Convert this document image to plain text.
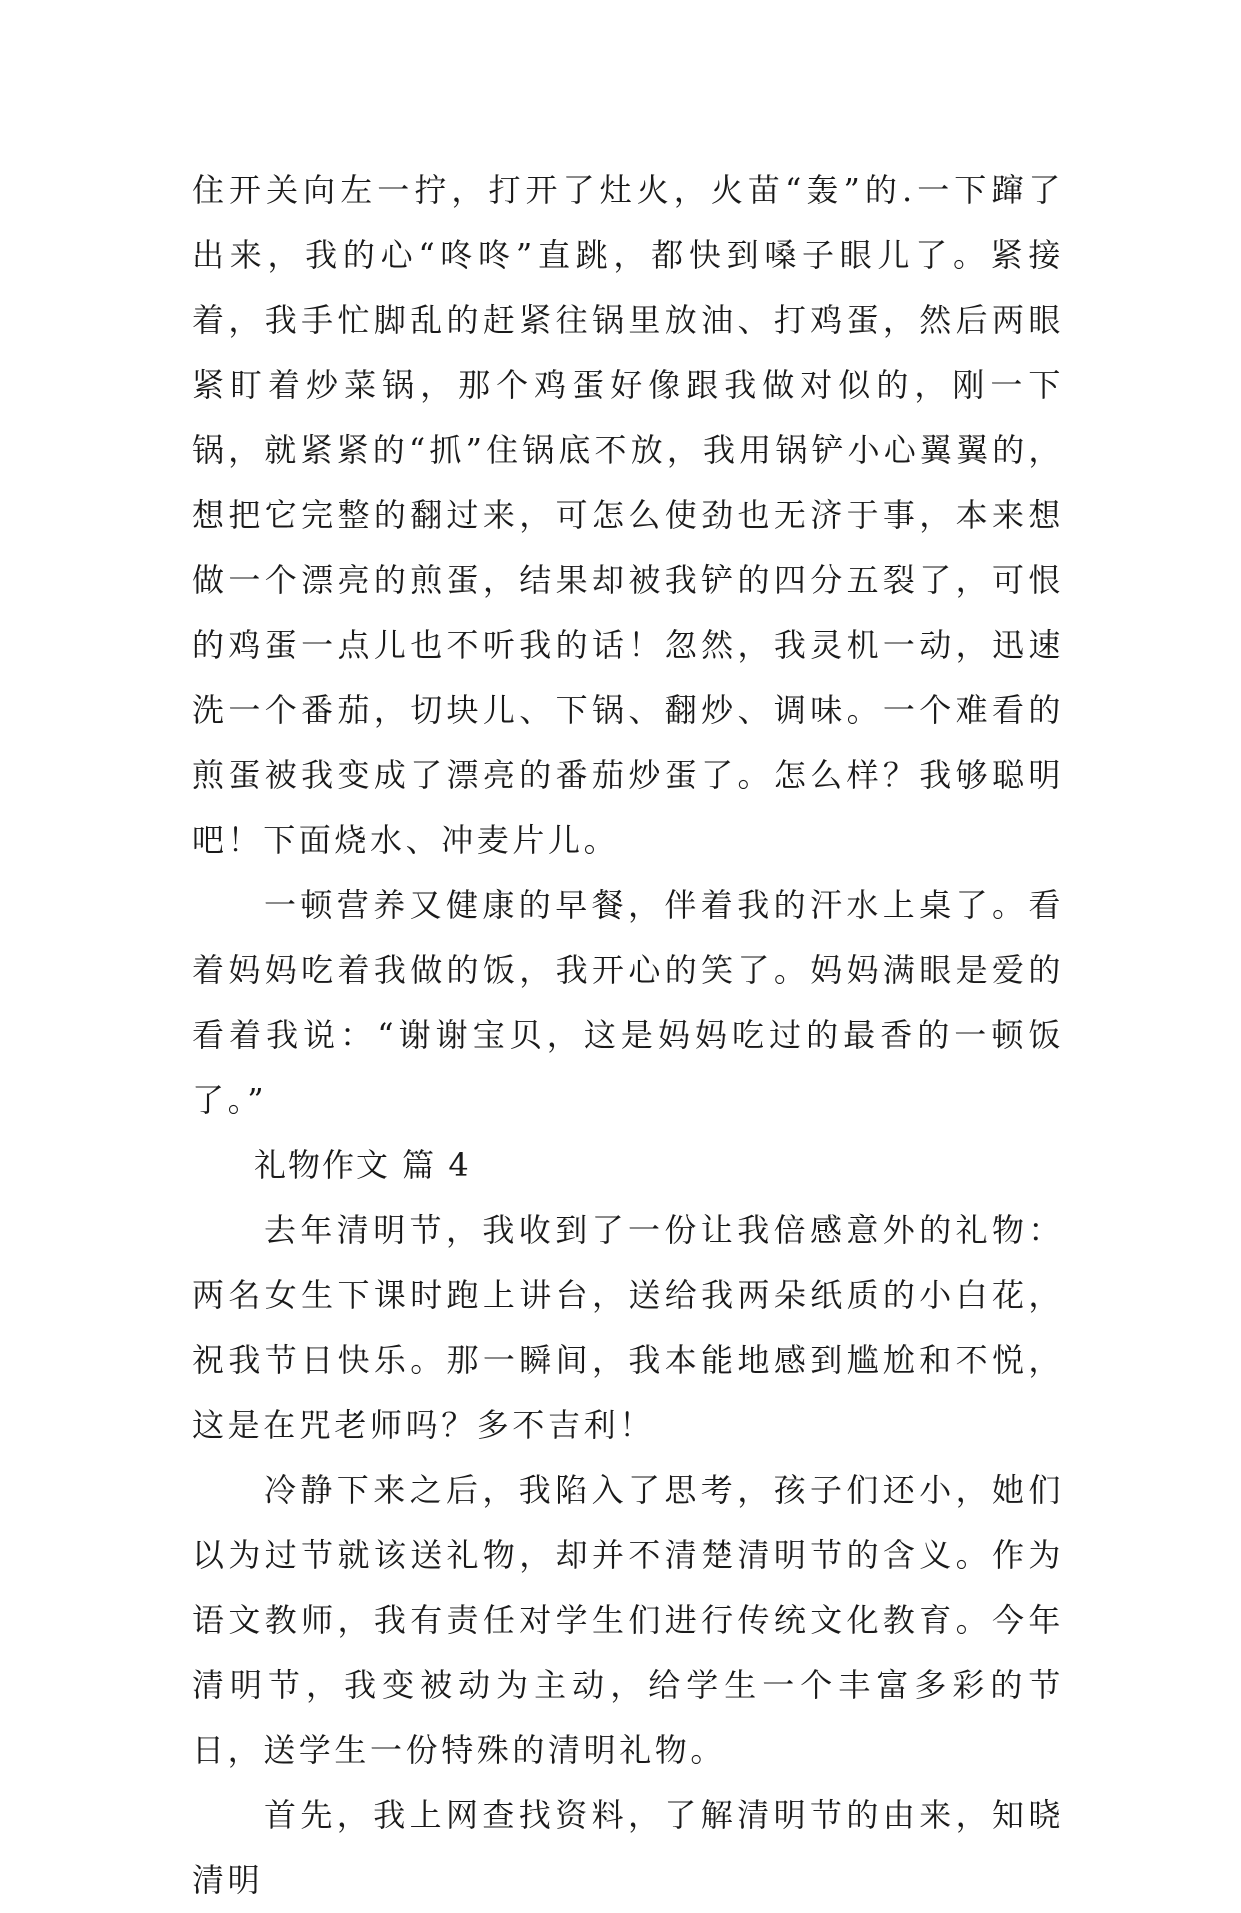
住开关向左一拧，打开了灶火，火苗“轰”的.一下蹿了出来，我的心“咚咚”直跳，都快到嗓子眼儿了。紧接着，我手忙脚乱的赶紧往锅里放油、打鸡蛋，然后两眼紧盯着炒菜锅，那个鸡蛋好像跟我做对似的，刚一下锅，就紧紧的“抓”住锅底不放，我用锅铲小心翼翼的，想把它完整的翻过来，可怎么使劲也无济于事，本来想做一个漂亮的煎蛋，结果却被我铲的四分五裂了，可恨的鸡蛋一点儿也不听我的话！忽然，我灵机一动，迅速洗一个番茄，切块儿、下锅、翻炒、调味。一个难看的煎蛋被我变成了漂亮的番茄炒蛋了。怎么样？我够聪明吧！下面烧水、冲麦片儿。

一顿营养又健康的早餐，伴着我的汗水上桌了。看着妈妈吃着我做的饭，我开心的笑了。妈妈满眼是爱的看着我说：“谢谢宝贝，这是妈妈吃过的最香的一顿饭了。”

礼物作文 篇 4

去年清明节，我收到了一份让我倍感意外的礼物：两名女生下课时跑上讲台，送给我两朵纸质的小白花，祝我节日快乐。那一瞬间，我本能地感到尴尬和不悦，这是在咒老师吗？多不吉利！

冷静下来之后，我陷入了思考，孩子们还小，她们以为过节就该送礼物，却并不清楚清明节的含义。作为语文教师，我有责任对学生们进行传统文化教育。今年清明节，我变被动为主动，给学生一个丰富多彩的节日，送学生一份特殊的清明礼物。

首先，我上网查找资料，了解清明节的由来，知晓清明
